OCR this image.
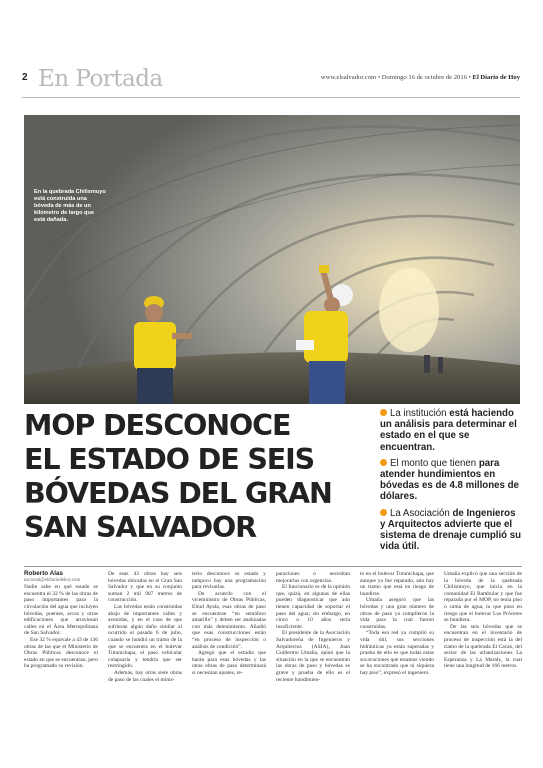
2 En Portada	www.elsalvador.com • Domingo 16 de octubre de 2016 • El Diario de Hoy
En la quebrada Chilismuyo está construida una bóveda de más de un kilómetro de largo que está dañada.
MOP DESCONOCE
EL ESTADO DE SEIS
BÓVEDAS DEL GRAN
SAN SALVADOR
La institución está haciendo un análisis para determinar el estado en el que se encuentran.
El monto que tienen para atender hundimientos en bóvedas es de 4.8 millones de dólares.
La Asociación de Ingenieros y Arquitectos advierte que el sistema de drenaje cumplió su vida útil.

Roberto Alas

nacional@eldiariodehoy.com

Nadie sabe en qué estado se encuentra el 32 % de las obras de paso importantes para la circulación del agua que incluyen bóvedas, puentes, arcos y otras edificaciones que atraviesan calles en el Área Metropolitana de San Salvador.

Ese 32 % equivale a 43 de 136 obras de las que el Ministerio de Obras Públicas desconoce el estado en que se encuentran, pero ha programado su revisión.

De esas 43 obras hay seis bóvedas ubicadas en el Gran San Salvador y que en su conjunto suman 2 mil 907 metros de construcción.

Las bóvedas están construidas abajo de importantes calles y avenidas, y en el caso de que sufrieran algún daño similar al ocurrido el pasado 6 de julio, cuando se hundió un tramo de la que se encuentra en el bulevar Tutunichapa, el paso vehicular colapsaría y tendría que ser restringido.

Además, hay otras siete obras de paso de las cuales el minis-

terio desconoce su estado y tampoco hay una programación para revisarlas.

De acuerdo con el viceministro de Obras Públicas, Eliud Ayala, esas obras de paso se encuentran “en semáforo amarillo” y deben ser analizadas con más detenimiento. Añadió que esas construcciones están “en proceso de inspección o análisis de condición”.

Agregó que el estudio que harán para esas bóvedas y las otras obras de paso determinará si necesitan ajustes, re-

paraciones o necesitan mejorarlas con urgencias.

El funcionario es de la opinión que, quizá, en algunas de ellas pueden diagnosticar que aún tienen capacidad de soportar el paso del agua; sin embargo, en cinco o 10 años sería insuficiente.

El presidente de la Asociación Salvadoreña de Ingenieros y Arquitectos (ASIA), Juan Guillermo Umaña, opinó que la situación en la que se encuentran las obras de paso y bóvedas es grave y prueba de ello es el reciente hundimien-

to en el bulevar Tutunichapa, que aunque ya fue reparado, aún hay un tramo que está en riesgo de hundirse.

Umaña aseguró que las bóvedas y una gran número de obras de paso ya cumplieron la vida para la cual fueron construidas.

“Toda esa red ya cumplió su vida útil, sus secciones hidráulicas ya están superadas y prueba de ello es que todas estas socavaciones que estamos viendo se ha encontrado que ni siquiera hay piso”, expresó el ingeniero.

Umaña explicó que una sección de la bóveda de la quebrada Chilismuyo, que inicia en la comunidad El Bambular y que fue reparada por el MOP, no tenía piso o cama de agua, lo que puso en riesgo que el bulevar Los Próceres se hundiera.

De las seis bóvedas que se encuentran en el inventario de proceso de inspección está la del tramo de la quebrada El Cacao, del sector de las urbanizaciones La Esperanza y La Maraly, la cual tiene una longitud de 166 metros.
